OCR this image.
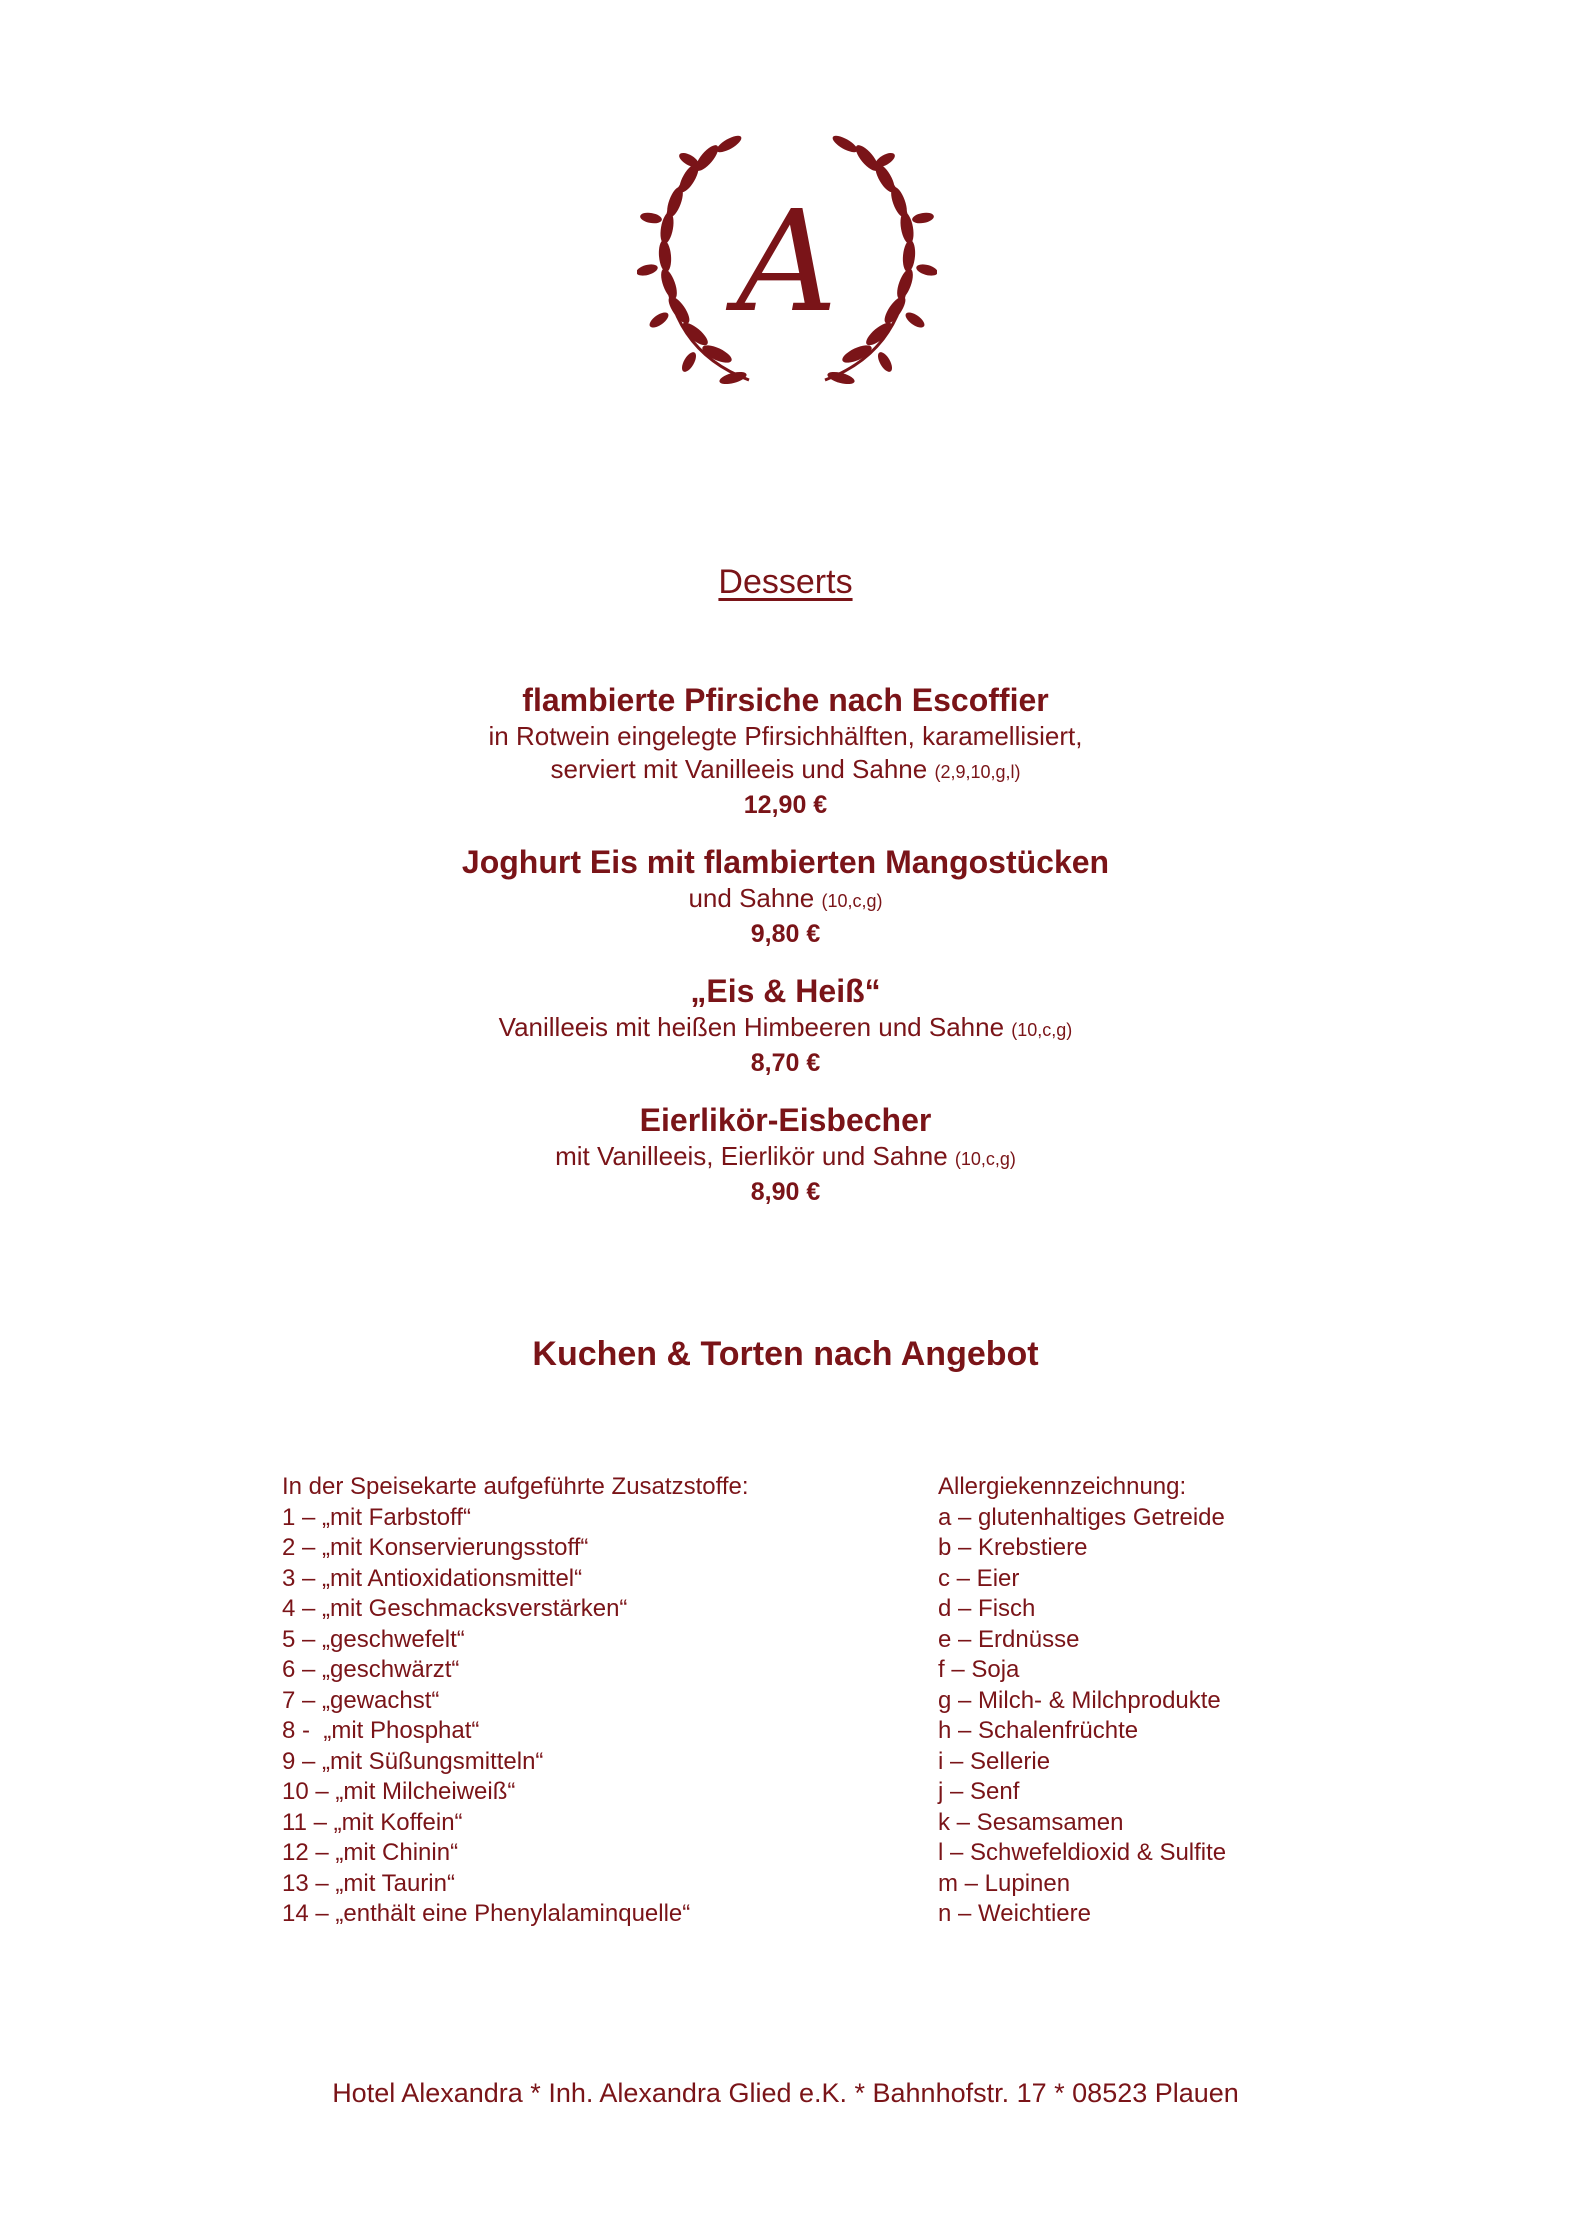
A
Desserts
flambierte Pfirsiche nach Escoffier
in Rotwein eingelegte Pfirsichhälften, karamellisiert,
serviert mit Vanilleeis und Sahne (2,9,10,g,l)
12,90 €
Joghurt Eis mit flambierten Mangostücken
und Sahne (10,c,g)
9,80 €
„Eis & Heiß“
Vanilleeis mit heißen Himbeeren und Sahne (10,c,g)
8,70 €
Eierlikör-Eisbecher
mit Vanilleeis, Eierlikör und Sahne (10,c,g)
8,90 €
Kuchen & Torten nach Angebot
In der Speisekarte aufgeführte Zusatzstoffe:
1 – „mit Farbstoff“
2 – „mit Konservierungsstoff“
3 – „mit Antioxidationsmittel“
4 – „mit Geschmacksverstärken“
5 – „geschwefelt“
6 – „geschwärzt“
7 – „gewachst“
8 -  „mit Phosphat“
9 – „mit Süßungsmitteln“
10 – „mit Milcheiweiß“
11 – „mit Koffein“
12 – „mit Chinin“
13 – „mit Taurin“
14 – „enthält eine Phenylalaminquelle“
Allergiekennzeichnung:
a – glutenhaltiges Getreide
b – Krebstiere
c – Eier
d – Fisch
e – Erdnüsse
f – Soja
g – Milch- & Milchprodukte
h – Schalenfrüchte
i – Sellerie
j – Senf
k – Sesamsamen
l – Schwefeldioxid & Sulfite
m – Lupinen
n – Weichtiere
Hotel Alexandra * Inh. Alexandra Glied e.K. * Bahnhofstr. 17 * 08523 Plauen
